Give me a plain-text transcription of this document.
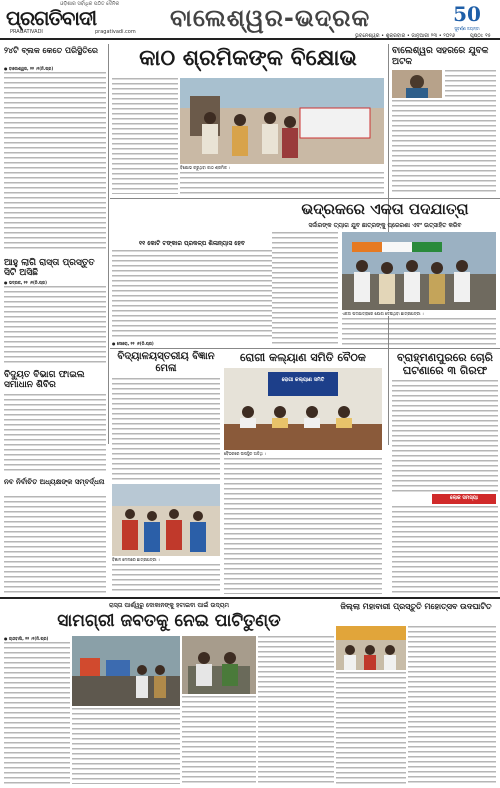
ଓଡ଼ିଶାର ସର୍ବାଧିକ ପଠିତ ଦୈନିକ
ପ୍ରଗତିବାଦୀ
PRAGATIVADI	pragativadi.com ବାଲେଶ୍ୱର-ଭଦ୍ରକ	50
ସୁବର୍ଣ୍ଣ ଜୟନ୍ତୀ
ଭୁବନେଶ୍ୱର • ଶୁକ୍ରବାର • ଜାନୁଆରୀ ୨୩ • ୨୦୨୬	ପୃଷ୍ଠା: ୧୫
୨୪ଟି ବ୍ଲକ କେତେ ପରିସ୍ଥିତିରେ
● ବାଲେଶ୍ୱର, ୨୨ ।୧(ନି.ପ୍ର)
ଆହୁ ଲାଗି ରାସ୍ତା ପ୍ରସ୍ତୁତ ସିଟି ଅସିଛି
● ଭଦ୍ରକ, ୨୨ ।୧(ନି.ପ୍ର)
ବିଦ୍ୟୁତ ବିଭାଗ ଫାଇଲ ସମାଧାନ ଶିବିର
ନବ ନିର୍ବାଚିତ ଅଧ୍ୟକ୍ଷଙ୍କ ସମ୍ବର୍ଦ୍ଧନା
କାଠ ଶ୍ରମିକଙ୍କ ବିକ୍ଷୋଭ
ବିକ୍ଷୋଭ କରୁଥିବା କାଠ ଶ୍ରମିକ ।
ବାଲେଶ୍ୱର ସହରରେ ଯୁବକ ଅଟକ
ଭଦ୍ରକରେ ଏକତା ପଦଯାତ୍ରା
ସର୍ଦ୍ଦାରଙ୍କ ତ୍ୟାଗ ଯୁବ ଛାତ୍ରଙ୍କୁ ପ୍ରେରଣା ଏବଂ ଉତ୍ସାହିତ କରିବ
୧୧ କୋଟି ଟଙ୍କାର ପ୍ରକଳ୍ପ ଶିଳାନ୍ୟାସ ହେବ
ଏକତା ପଦଯାତ୍ରାରେ ଯୋଗ ଦେଇଥିବା ଛାତ୍ରଛାତ୍ରୀ ।
● ସୋରୋ, ୨୨ ।୧(ନି.ପ୍ର)
ବିଦ୍ୟାଳୟସ୍ତରୀୟ ବିଜ୍ଞାନ ମେଳା
ବିଜ୍ଞାନ ମେଳାରେ ଛାତ୍ରଛାତ୍ରୀ ।
ରୋଗୀ କଲ୍ୟାଣ ସମିତି ବୈଠକ
ରୋଗୀ କଲ୍ୟାଣ ସମିତି
ବୈଠକରେ ଉପସ୍ଥିତ ଅତିଥି ।
ବ୍ରାହ୍ମଣପୁରରେ ଚୋରି ଘଟଣାରେ ୩ ଗିରଫ
ଲୋକ ସମସ୍ୟା
ରାସ୍ତା ପାର୍ଶ୍ୱରୁ ଦୋକାନଙ୍କୁ ହଟାଇବା ପାଇଁ ଉଦ୍ୟମ
ସାମଗ୍ରୀ ଜବତକୁ ନେଇ ପାଟିତୁଣ୍ଡ
ଜିଲ୍ଲା ମହାବାରୀ ପ୍ରସ୍ତୁତି ମହୋତ୍ସବ ଉଦଘାଟିତ
● ଚାନ୍ଦବାଲି, ୨୨ ।୧(ନି.ପ୍ର)
